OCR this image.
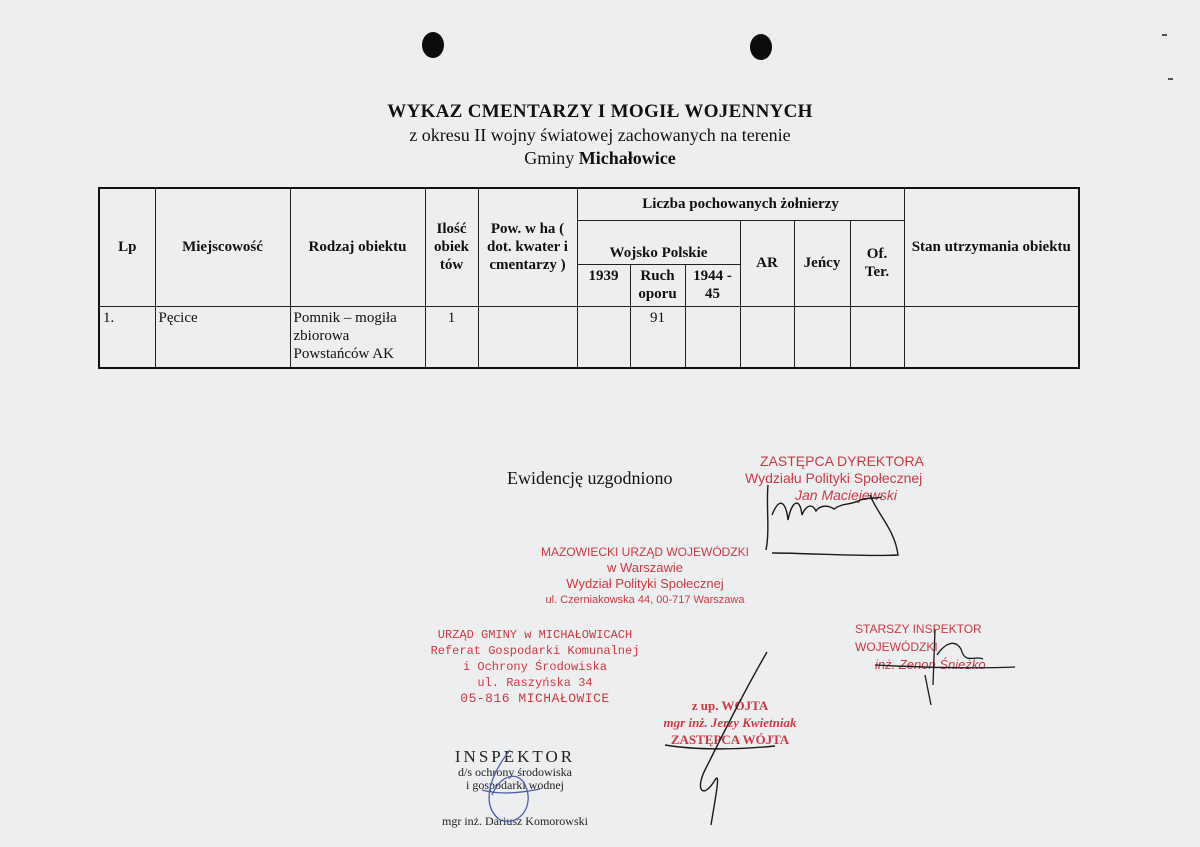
WYKAZ CMENTARZY I MOGIŁ WOJENNYCH
z okresu II wojny światowej zachowanych na terenie
Gminy Michałowice
Lp	Miejscowość	Rodzaj obiektu	Ilość obiek tów	Pow. w ha ( dot. kwater i cmentarzy )	Liczba pochowanych żołnierzy						Stan utrzymania obiektu
					Wojsko Polskie			AR	Jeńcy	Of. Ter.	
					1939	Ruch oporu	1944 - 45				
1.	Pęcice	Pomnik – mogiła zbiorowa Powstańców AK	1			91					
Ewidencję uzgodniono
ZASTĘPCA DYREKTORA
Wydziału Polityki Społecznej
Jan Maciejewski
MAZOWIECKI URZĄD WOJEWÓDZKI
w Warszawie
Wydział Polityki Społecznej
ul. Czerniakowska 44, 00-717 Warszawa
URZĄD GMINY w MICHAŁOWICACH
Referat Gospodarki Komunalnej
i Ochrony Środowiska
ul. Raszyńska 34
05-816 MICHAŁOWICE	z up. WÓJTA
mgr inż. Jerzy Kwietniak
ZASTĘPCA WÓJTA
STARSZY INSPEKTOR WOJEWÓDZKI
inż. Zenon Śnieżko
INSPEKTOR
d/s ochrony środowiska
i gospodarki wodnej
mgr inż. Dariusz Komorowski
